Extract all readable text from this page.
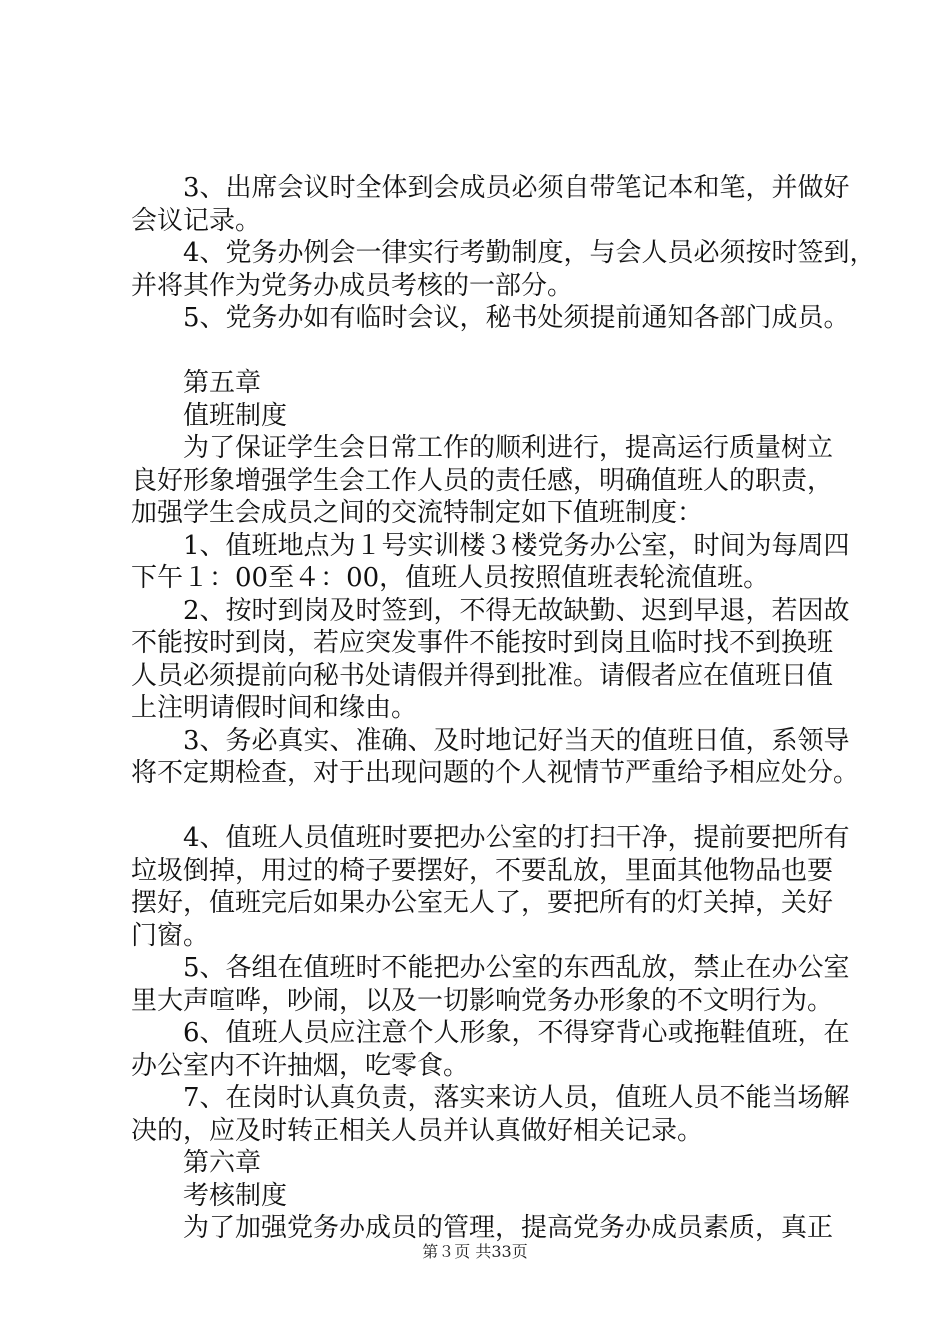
3、出席会议时全体到会成员必须自带笔记本和笔，并做好

会议记录。

4、党务办例会一律实行考勤制度，与会人员必须按时签到，

并将其作为党务办成员考核的一部分。

5、党务办如有临时会议，秘书处须提前通知各部门成员。

第五章

值班制度

为了保证学生会日常工作的顺利进行，提高运行质量树立

良好形象增强学生会工作人员的责任感，明确值班人的职责，

加强学生会成员之间的交流特制定如下值班制度：

1、值班地点为１号实训楼３楼党务办公室，时间为每周四

下午１：00至４：00，值班人员按照值班表轮流值班。

2、按时到岗及时签到，不得无故缺勤、迟到早退，若因故

不能按时到岗，若应突发事件不能按时到岗且临时找不到换班

人员必须提前向秘书处请假并得到批准。请假者应在值班日值

上注明请假时间和缘由。

3、务必真实、准确、及时地记好当天的值班日值，系领导

将不定期检查，对于出现问题的个人视情节严重给予相应处分。

4、值班人员值班时要把办公室的打扫干净，提前要把所有

垃圾倒掉，用过的椅子要摆好，不要乱放，里面其他物品也要

摆好，值班完后如果办公室无人了，要把所有的灯关掉，关好

门窗。

5、各组在值班时不能把办公室的东西乱放，禁止在办公室

里大声喧哗，吵闹，以及一切影响党务办形象的不文明行为。

6、值班人员应注意个人形象，不得穿背心或拖鞋值班，在

办公室内不许抽烟，吃零食。

7、在岗时认真负责，落实来访人员，值班人员不能当场解

决的，应及时转正相关人员并认真做好相关记录。

第六章

考核制度

为了加强党务办成员的管理，提高党务办成员素质，真正

第３页 共33页
